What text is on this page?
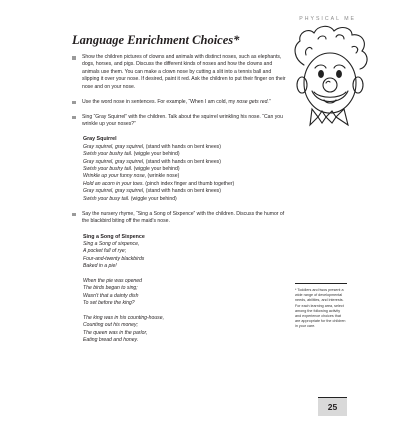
PHYSICAL ME
Language Enrichment Choices*
Show the children pictures of clowns and animals with distinct noses, such as elephants, dogs, horses, and pigs. Discuss the different kinds of noses and how the clowns and animals use them. You can make a clown nose by cutting a slit into a tennis ball and slipping it over your nose. If desired, paint it red. Ask the children to put their finger on their nose and on your nose.
Use the word nose in sentences. For example, “When I am cold, my nose gets red.”
Sing “Gray Squirrel” with the children. Talk about the squirrel wrinkling his nose. “Can you wrinkle up your noses?”
Gray Squirrel
Gray squirrel, gray squirrel, (stand with hands on bent knees)
Swish your bushy tail. (wiggle your behind)
Gray squirrel, gray squirrel, (stand with hands on bent knees)
Swish your bushy tail. (wiggle your behind)
Wrinkle up your funny nose, (wrinkle nose)
Hold an acorn in your toes. (pinch index finger and thumb together)
Gray squirrel, gray squirrel, (stand with hands on bent knees)
Swish your busy tail. (wiggle your behind)
Say the nursery rhyme, “Sing a Song of Sixpence” with the children. Discuss the humor of the blackbird biting off the maid’s nose.
Sing a Song of Sixpence
Sing a Song of sixpence,
A pocket full of rye;
Four-and-twenty blackbirds
Baked in a pie!
When the pie was opened
The birds began to sing;
Wasn’t that a dainty dish
To set before the king?
The king was in his counting-house,
Counting out his money;
The queen was in the parlor,
Eating bread and honey.
* Toddlers and twos present a wide range of developmental needs, abilities, and interests. For each learning area, select among the following activity and experience choices that are appropriate for the children in your care.
25
